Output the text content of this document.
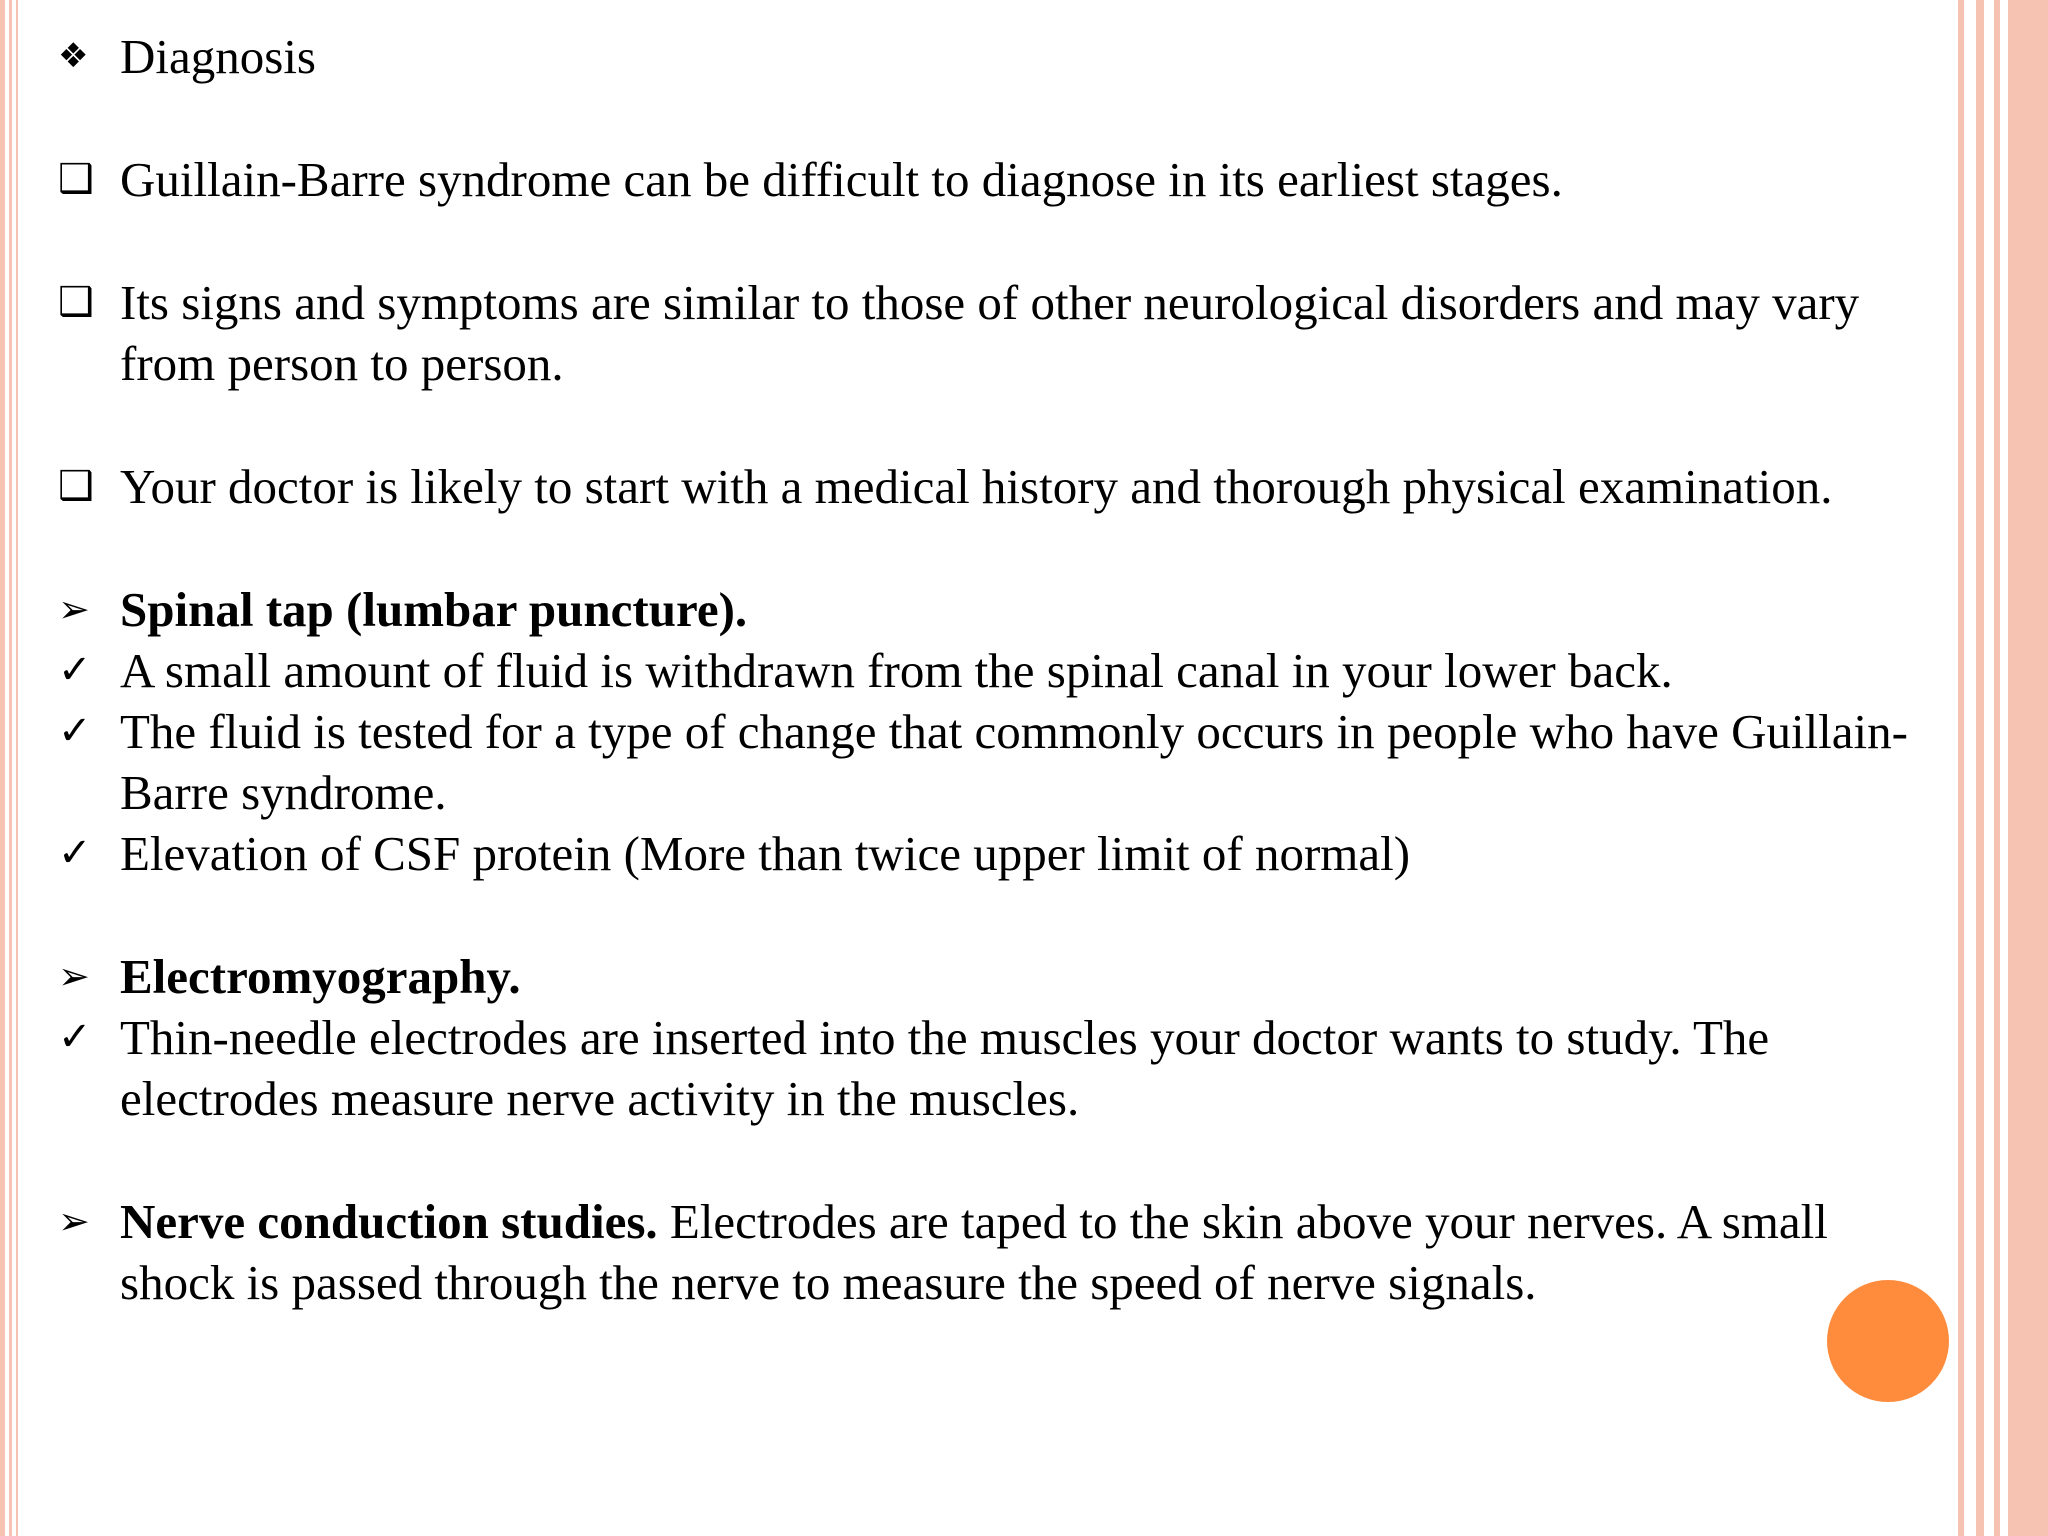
❖ Diagnosis
❑ Guillain-Barre syndrome can be difficult to diagnose in its earliest stages.
❑ Its signs and symptoms are similar to those of other neurological disorders and may vary from person to person.
❑ Your doctor is likely to start with a medical history and thorough physical examination.
➢ Spinal tap (lumbar puncture).
✓ A small amount of fluid is withdrawn from the spinal canal in your lower back.
✓ The fluid is tested for a type of change that commonly occurs in people who have Guillain-Barre syndrome.
✓ Elevation of CSF protein (More than twice upper limit of normal)
➢ Electromyography.
✓ Thin-needle electrodes are inserted into the muscles your doctor wants to study. The electrodes measure nerve activity in the muscles.
➢ Nerve conduction studies. Electrodes are taped to the skin above your nerves. A small shock is passed through the nerve to measure the speed of nerve signals.
